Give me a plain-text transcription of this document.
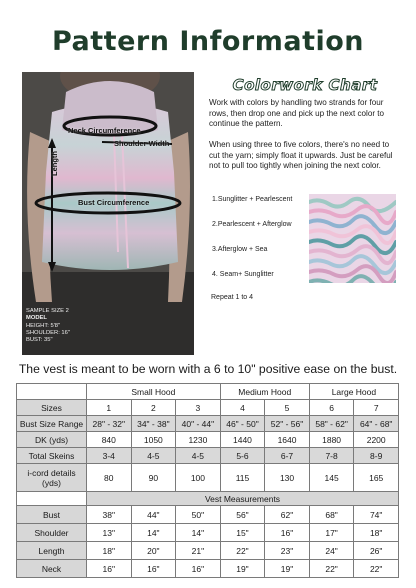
Pattern Information
Neck Circumference
Shoulder Width
Length
Bust Circumference
SAMPLE SIZE 2
MODEL
HEIGHT: 5'8"
SHOULDER: 16"
BUST: 35"
Colorwork Chart
Work with colors by handling two strands for four rows, then drop one and pick up the next color to continue the pattern.
When using three to five colors, there's no need to cut the yarn; simply float it upwards. Just be careful not to pull too tightly when joining the next color.
1.Sunglitter + Pearlescent
2.Pearlescent + Afterglow
3.Afterglow + Sea
4. Seam+ Sunglitter
Repeat 1 to 4
The vest is meant to be worn with a 6 to 10" positive ease on the bust.
	Small Hood			Medium Hood		Large Hood	
Sizes	1	2	3	4	5	6	7
Bust Size Range	28" - 32"	34" - 38"	40" - 44"	46" - 50"	52" - 56"	58" - 62"	64" - 68"
DK (yds)	840	1050	1230	1440	1640	1880	2200
Total Skeins	3-4	4-5	4-5	5-6	6-7	7-8	8-9
i-cord details (yds)	80	90	100	115	130	145	165
	Vest Measurements						
Bust	38"	44"	50"	56"	62"	68"	74"
Shoulder	13"	14"	14"	15"	16"	17"	18"
Length	18"	20"	21"	22"	23"	24"	26"
Neck	16"	16"	16"	19"	19"	22"	22"
